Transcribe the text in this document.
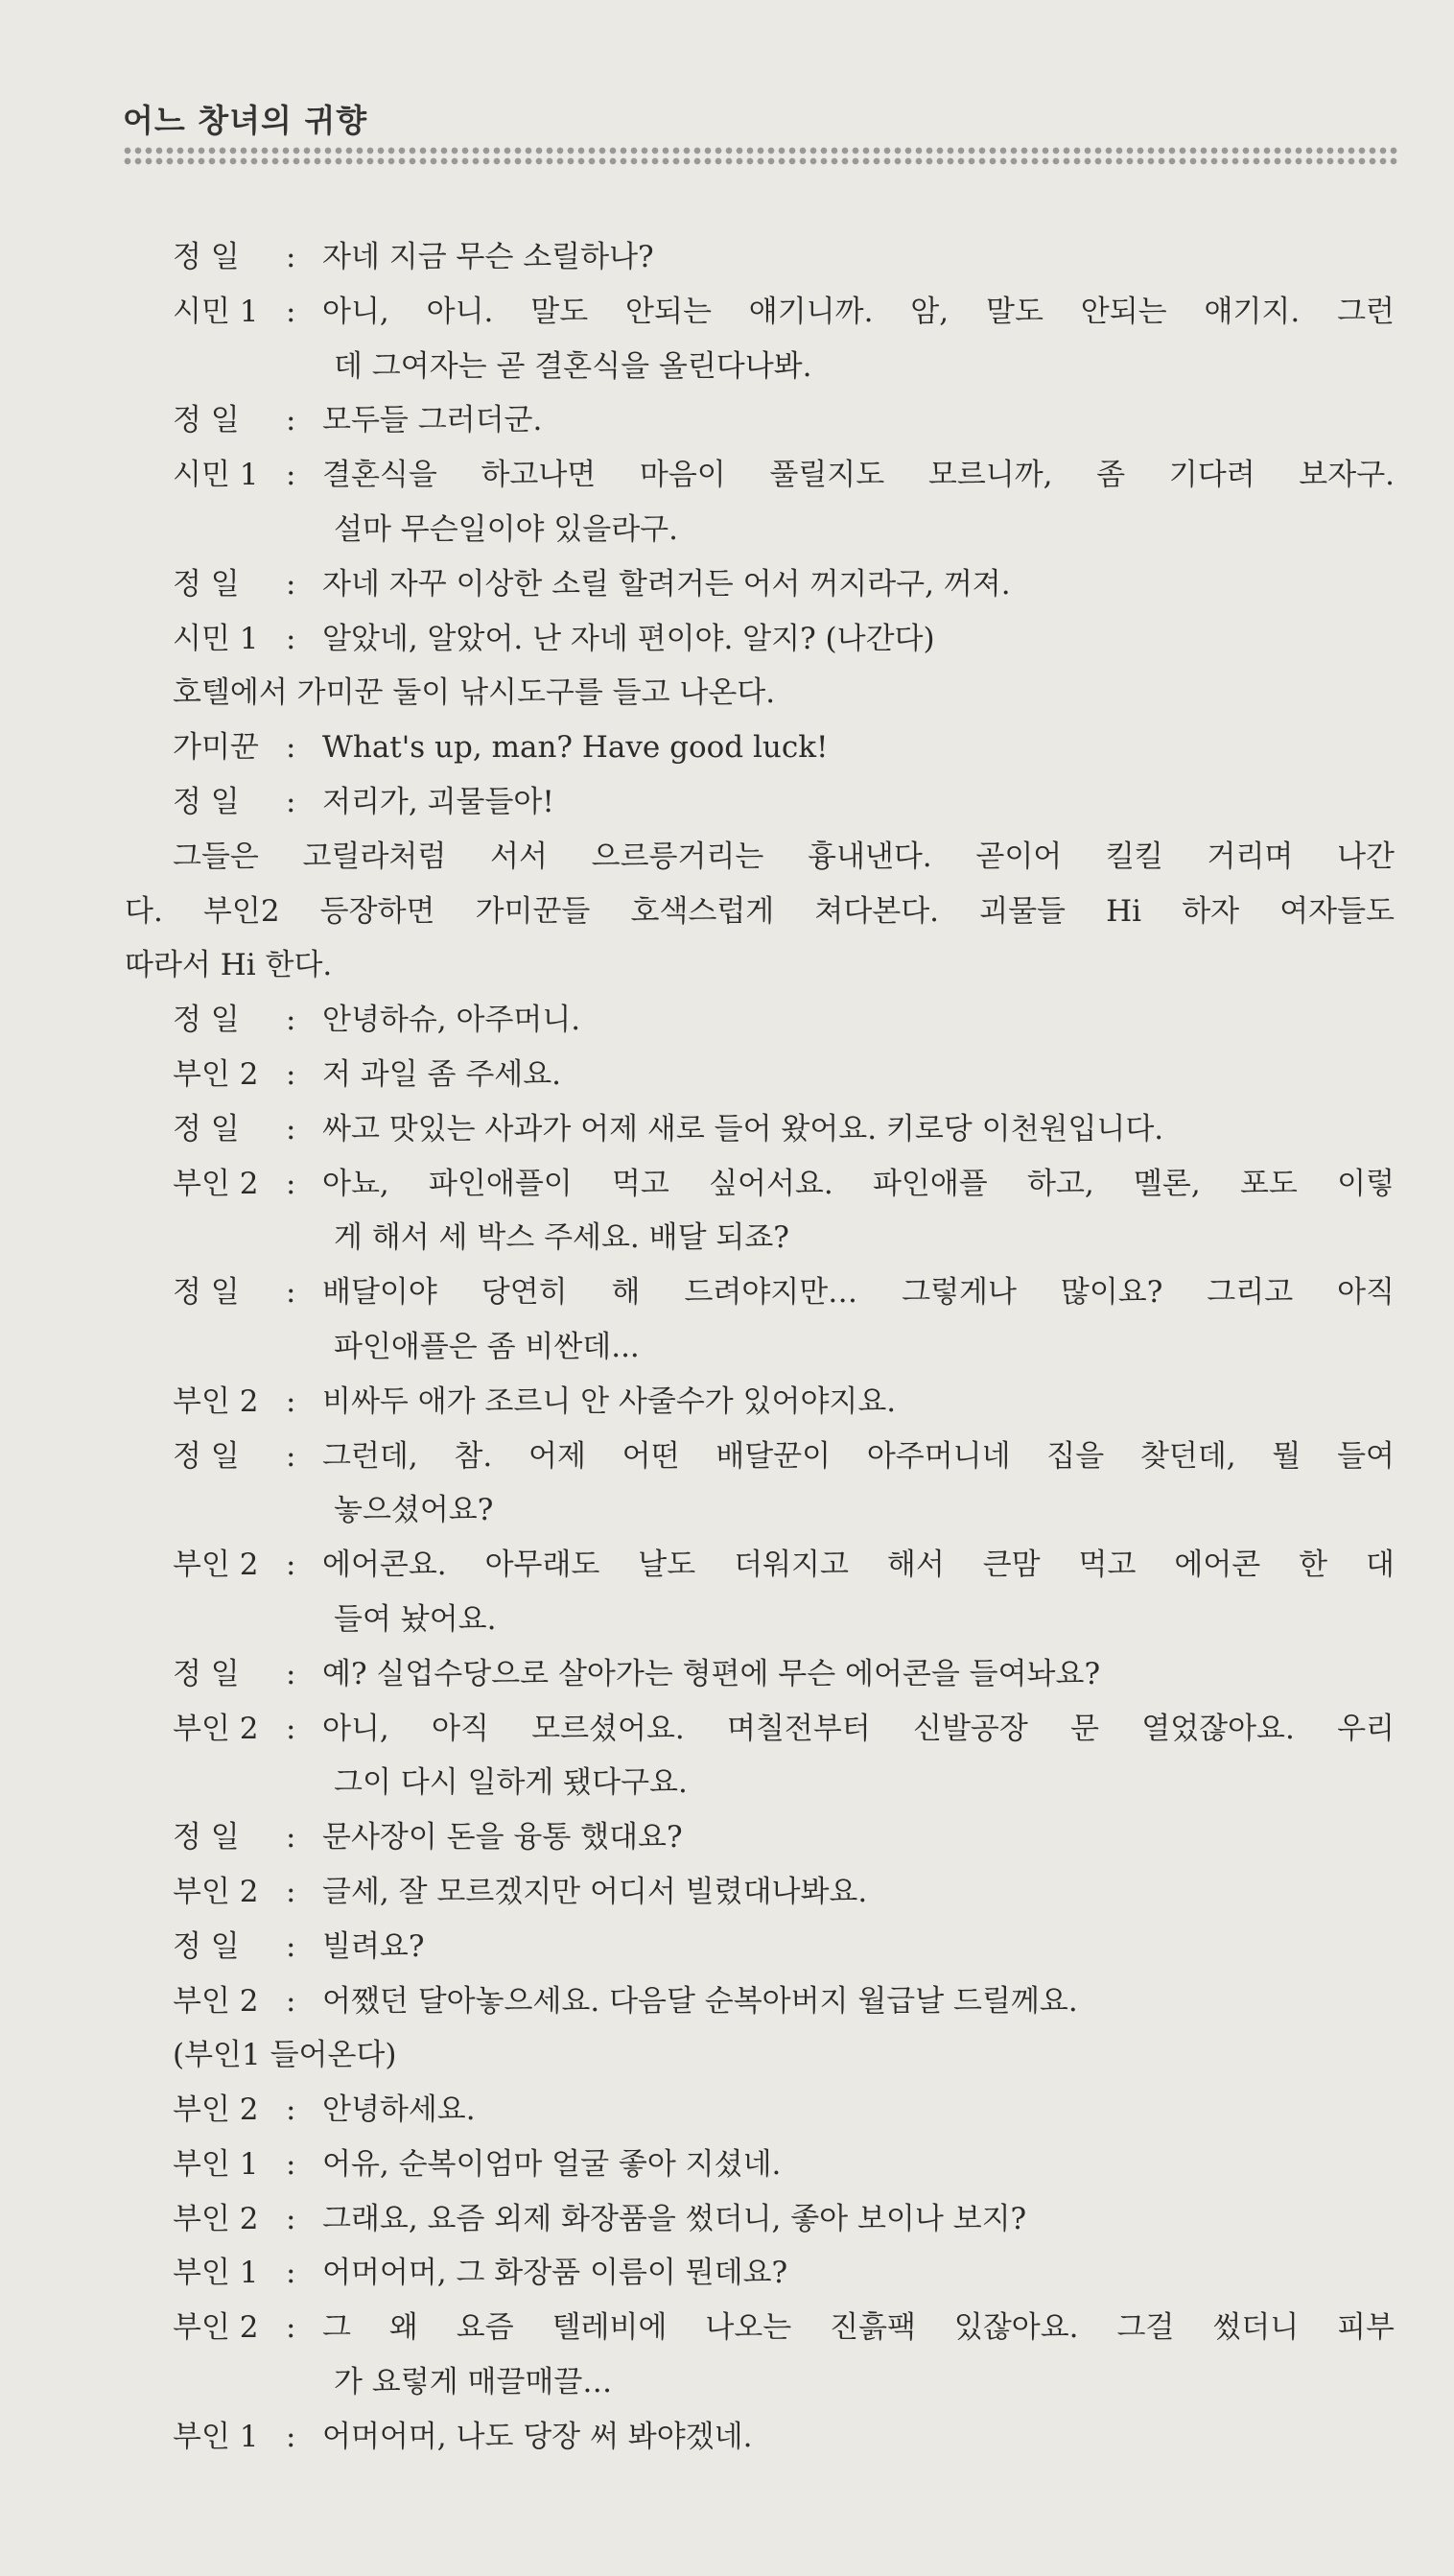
어느 창녀의 귀향
정 일 : 자네 지금 무슨 소릴하나?
시민 1 : 아니, 아니. 말도 안되는 얘기니까. 암, 말도 안되는 얘기지. 그런
데 그여자는 곧 결혼식을 올린다나봐.
정 일 : 모두들 그러더군.
시민 1 : 결혼식을 하고나면 마음이 풀릴지도 모르니까, 좀 기다려 보자구.
설마 무슨일이야 있을라구.
정 일 : 자네 자꾸 이상한 소릴 할려거든 어서 꺼지라구, 꺼져.
시민 1 : 알았네, 알았어. 난 자네 편이야. 알지? (나간다)
호텔에서 가미꾼 둘이 낚시도구를 들고 나온다.
가미꾼 : What's up, man? Have good luck!
정 일 : 저리가, 괴물들아!
그들은 고릴라처럼 서서 으르릉거리는 흉내낸다. 곧이어 킬킬 거리며 나간
다. 부인2 등장하면 가미꾼들 호색스럽게 쳐다본다. 괴물들 Hi 하자 여자들도
따라서 Hi 한다.
정 일 : 안녕하슈, 아주머니.
부인 2 : 저 과일 좀 주세요.
정 일 : 싸고 맛있는 사과가 어제 새로 들어 왔어요. 키로당 이천원입니다.
부인 2 : 아뇨, 파인애플이 먹고 싶어서요. 파인애플 하고, 멜론, 포도 이렇
게 해서 세 박스 주세요. 배달 되죠?
정 일 : 배달이야 당연히 해 드려야지만… 그렇게나 많이요? 그리고 아직
파인애플은 좀 비싼데...
부인 2 : 비싸두 애가 조르니 안 사줄수가 있어야지요.
정 일 : 그런데, 참. 어제 어떤 배달꾼이 아주머니네 집을 찾던데, 뭘 들여
놓으셨어요?
부인 2 : 에어콘요. 아무래도 날도 더워지고 해서 큰맘 먹고 에어콘 한 대
들여 놨어요.
정 일 : 예? 실업수당으로 살아가는 형편에 무슨 에어콘을 들여놔요?
부인 2 : 아니, 아직 모르셨어요. 며칠전부터 신발공장 문 열었잖아요. 우리
그이 다시 일하게 됐다구요.
정 일 : 문사장이 돈을 융통 했대요?
부인 2 : 글세, 잘 모르겠지만 어디서 빌렸대나봐요.
정 일 : 빌려요?
부인 2 : 어쨌던 달아놓으세요. 다음달 순복아버지 월급날 드릴께요.
(부인1 들어온다)
부인 2 : 안녕하세요.
부인 1 : 어유, 순복이엄마 얼굴 좋아 지셨네.
부인 2 : 그래요, 요즘 외제 화장품을 썼더니, 좋아 보이나 보지?
부인 1 : 어머어머, 그 화장품 이름이 뭔데요?
부인 2 : 그 왜 요즘 텔레비에 나오는 진흙팩 있잖아요. 그걸 썼더니 피부
가 요렇게 매끌매끌…
부인 1 : 어머어머, 나도 당장 써 봐야겠네.
